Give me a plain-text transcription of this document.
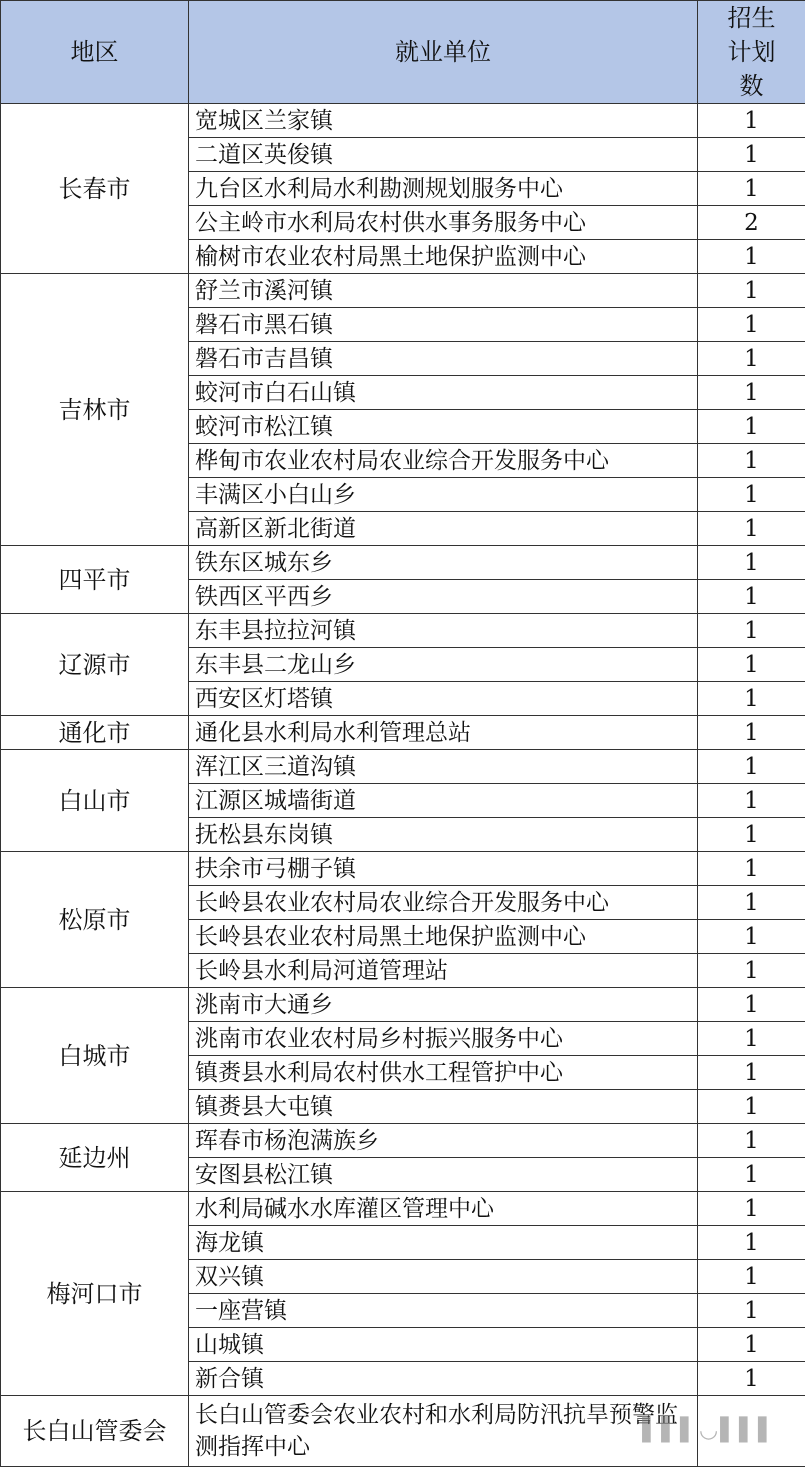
地区	就业单位	招生计划数
长春市	宽城区兰家镇	1
	二道区英俊镇	1
	九台区水利局水利勘测规划服务中心	1
	公主岭市水利局农村供水事务服务中心	2
	榆树市农业农村局黑土地保护监测中心	1
吉林市	舒兰市溪河镇	1
	磐石市黑石镇	1
	磐石市吉昌镇	1
	蛟河市白石山镇	1
	蛟河市松江镇	1
	桦甸市农业农村局农业综合开发服务中心	1
	丰满区小白山乡	1
	高新区新北街道	1
四平市	铁东区城东乡	1
	铁西区平西乡	1
辽源市	东丰县拉拉河镇	1
	东丰县二龙山乡	1
	西安区灯塔镇	1
通化市	通化县水利局水利管理总站	1
白山市	浑江区三道沟镇	1
	江源区城墙街道	1
	抚松县东岗镇	1
松原市	扶余市弓棚子镇	1
	长岭县农业农村局农业综合开发服务中心	1
	长岭县农业农村局黑土地保护监测中心	1
	长岭县水利局河道管理站	1
白城市	洮南市大通乡	1
	洮南市农业农村局乡村振兴服务中心	1
	镇赉县水利局农村供水工程管护中心	1
	镇赉县大屯镇	1
延边州	珲春市杨泡满族乡	1
	安图县松江镇	1
梅河口市	水利局碱水水库灌区管理中心	1
	海龙镇	1
	双兴镇	1
	一座营镇	1
	山城镇	1
	新合镇	1
长白山管委会	长白山管委会农业农村和水利局防汛抗旱预警监测指挥中心	
▌▌▌◡▌▌▌
